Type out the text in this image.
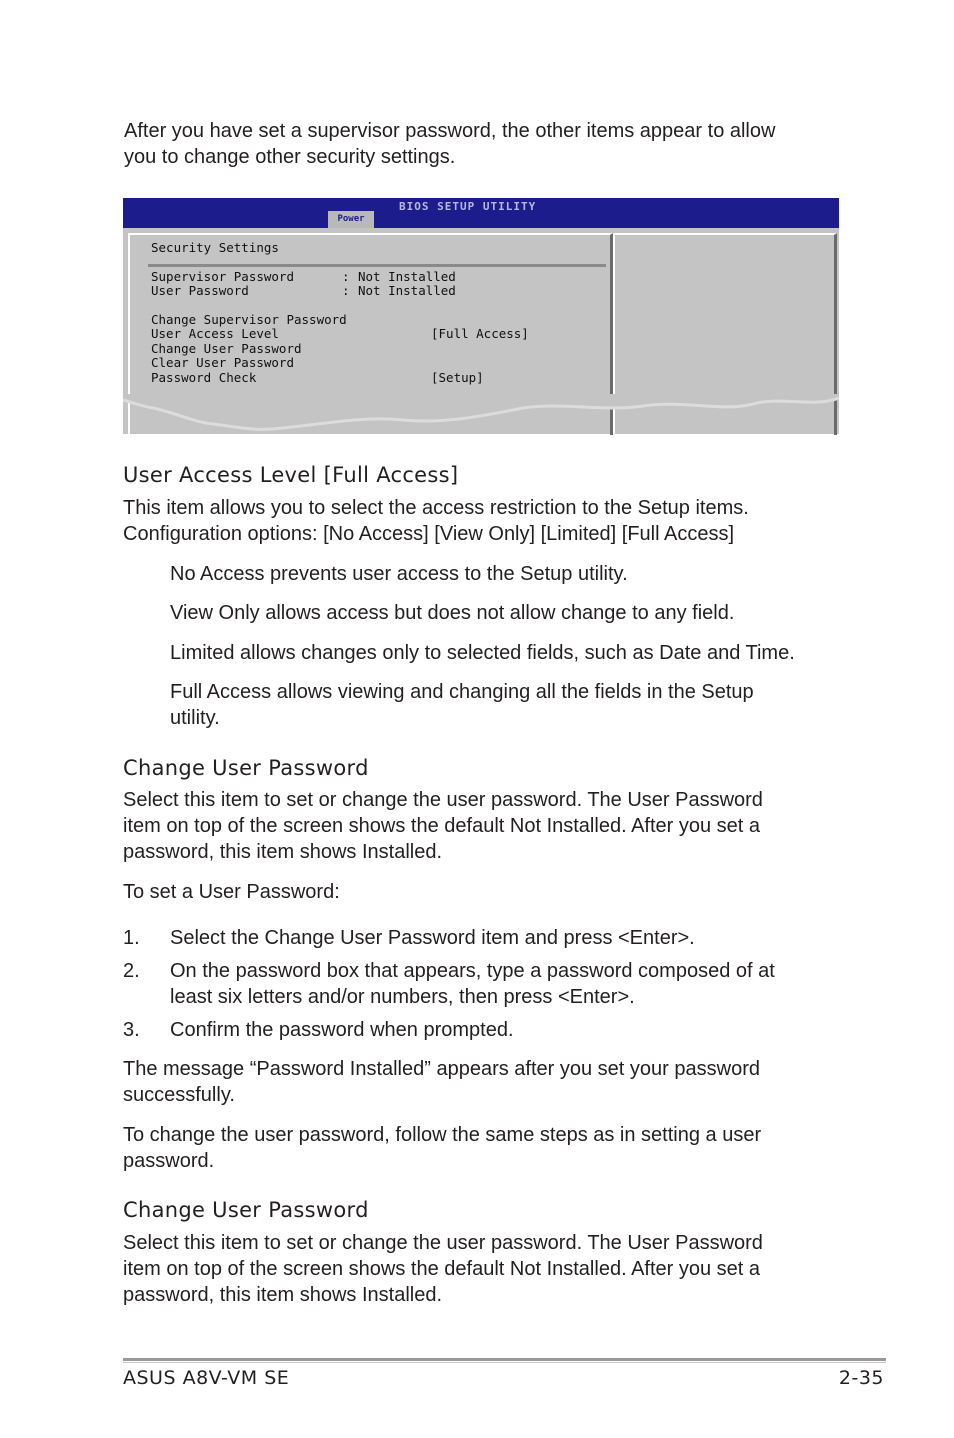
After you have set a supervisor password, the other items appear to allow
you to change other security settings.
BIOS SETUP UTILITY
Power
Security Settings
Supervisor Password	: Not Installed
User Password	: Not Installed
Change Supervisor Password
User Access Level	[Full Access]
Change User Password
Clear User Password
Password Check	[Setup]
User Access Level [Full Access]
This item allows you to select the access restriction to the Setup items.
Configuration options: [No Access] [View Only] [Limited] [Full Access]
No Access prevents user access to the Setup utility.
View Only allows access but does not allow change to any field.
Limited allows changes only to selected fields, such as Date and Time.
Full Access allows viewing and changing all the fields in the Setup
utility.
Change User Password
Select this item to set or change the user password. The User Password
item on top of the screen shows the default Not Installed. After you set a
password, this item shows Installed.
To set a User Password:
1. Select the Change User Password item and press <Enter>.
2. On the password box that appears, type a password composed of at
least six letters and/or numbers, then press <Enter>.
3. Confirm the password when prompted.
The message “Password Installed” appears after you set your password
successfully.
To change the user password, follow the same steps as in setting a user
password.
Change User Password
Select this item to set or change the user password. The User Password
item on top of the screen shows the default Not Installed. After you set a
password, this item shows Installed.
ASUS A8V-VM SE	2-35
